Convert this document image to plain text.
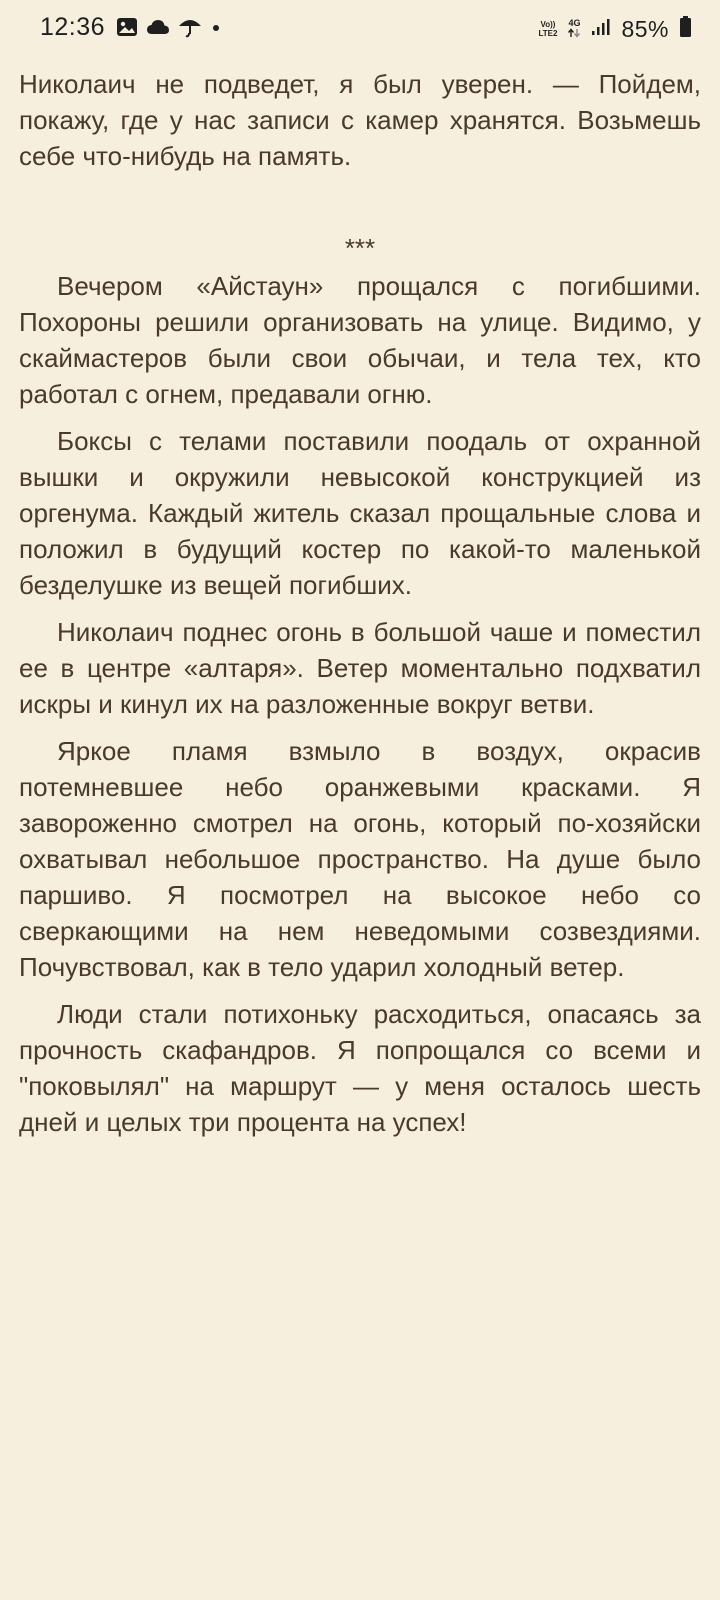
12:36	Vo))
LTE2
4G 85%

Николаич не подведет, я был уверен. — Пойдем, покажу, где у нас записи с камер хранятся. Возьмешь себе что-нибудь на память.

***

Вечером «Айстаун» прощался с погибшими. Похороны решили организовать на улице. Видимо, у скаймастеров были свои обычаи, и тела тех, кто работал с огнем, предавали огню.

Боксы с телами поставили поодаль от охранной вышки и окружили невысокой конструкцией из оргенума. Каждый житель сказал прощальные слова и положил в будущий костер по какой-то маленькой безделушке из вещей погибших.

Николаич поднес огонь в большой чаше и поместил ее в центре «алтаря». Ветер моментально подхватил искры и кинул их на разложенные вокруг ветви.

Яркое пламя взмыло в воздух, окрасив потемневшее небо оранжевыми красками. Я завороженно смотрел на огонь, который по-хозяйски охватывал небольшое пространство. На душе было паршиво. Я посмотрел на высокое небо со сверкающими на нем неведомыми созвездиями. Почувствовал, как в тело ударил холодный ветер.

Люди стали потихоньку расходиться, опасаясь за прочность скафандров. Я попрощался со всеми и "поковылял" на маршрут — у меня осталось шесть дней и целых три процента на успех!
